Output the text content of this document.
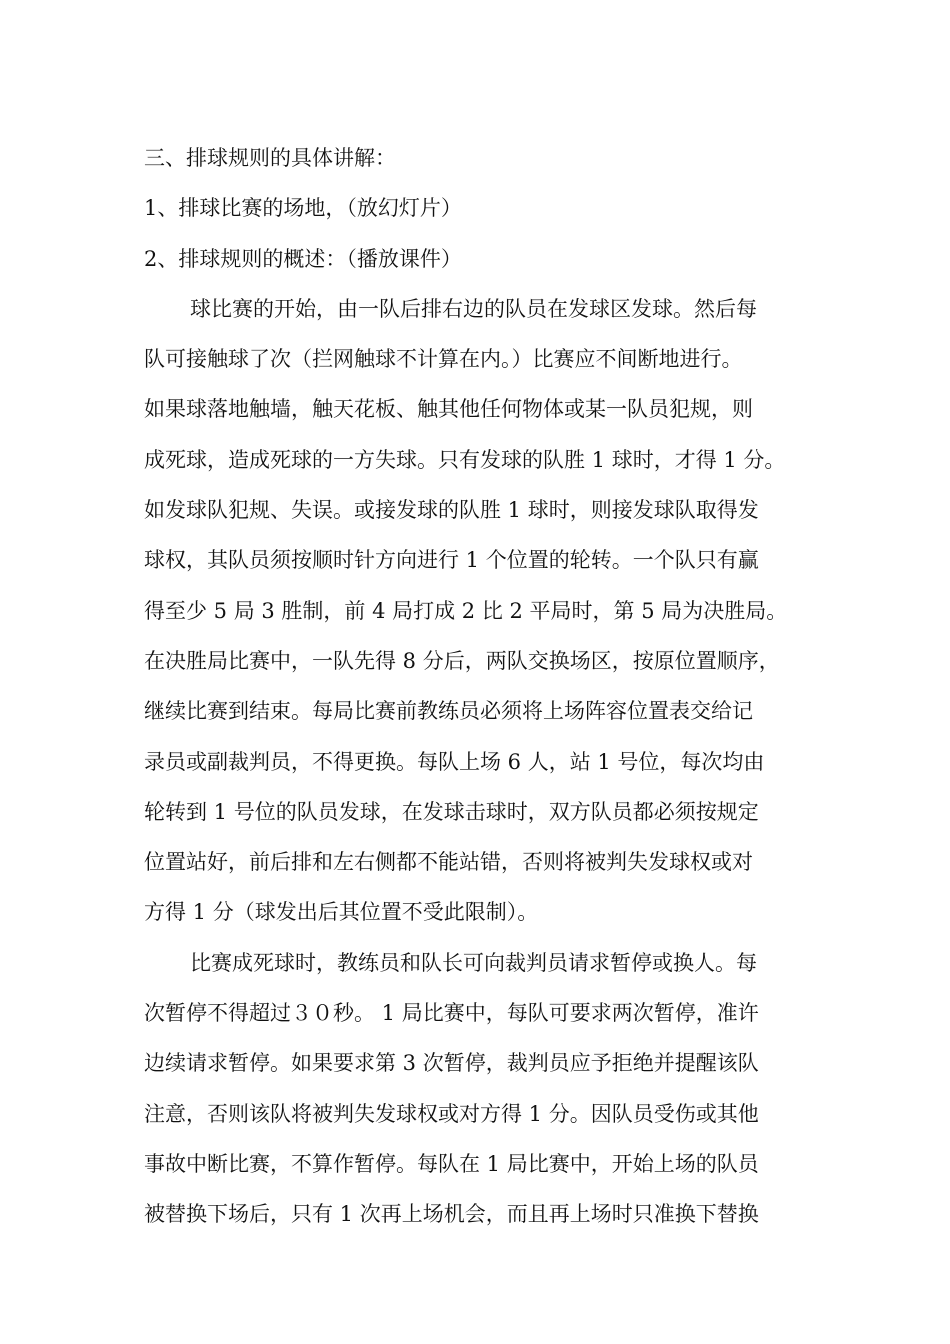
三、排球规则的具体讲解：
1、排球比赛的场地，（放幻灯片）
2、排球规则的概述：（播放课件）
球比赛的开始，由一队后排右边的队员在发球区发球。然后每
队可接触球了次（拦网触球不计算在内。）比赛应不间断地进行。
如果球落地触墙，触天花板、触其他任何物体或某一队员犯规，则
成死球，造成死球的一方失球。只有发球的队胜 1 球时，才得 1 分。
如发球队犯规、失误。或接发球的队胜 1 球时，则接发球队取得发
球权，其队员须按顺时针方向进行 1 个位置的轮转。一个队只有赢
得至少 5 局 3 胜制，前 4 局打成 2 比 2 平局时，第 5 局为决胜局。
在决胜局比赛中，一队先得 8 分后，两队交换场区，按原位置顺序，
继续比赛到结束。每局比赛前教练员必须将上场阵容位置表交给记
录员或副裁判员，不得更换。每队上场 6 人，站 1 号位，每次均由
轮转到 1 号位的队员发球，在发球击球时，双方队员都必须按规定
位置站好，前后排和左右侧都不能站错，否则将被判失发球权或对
方得 1 分（球发出后其位置不受此限制）。
比赛成死球时，教练员和队长可向裁判员请求暂停或换人。每
次暂停不得超过３０秒。 1 局比赛中，每队可要求两次暂停，准许
边续请求暂停。如果要求第 3 次暂停，裁判员应予拒绝并提醒该队
注意，否则该队将被判失发球权或对方得 1 分。因队员受伤或其他
事故中断比赛，不算作暂停。每队在 1 局比赛中，开始上场的队员
被替换下场后，只有 1 次再上场机会，而且再上场时只准换下替换
